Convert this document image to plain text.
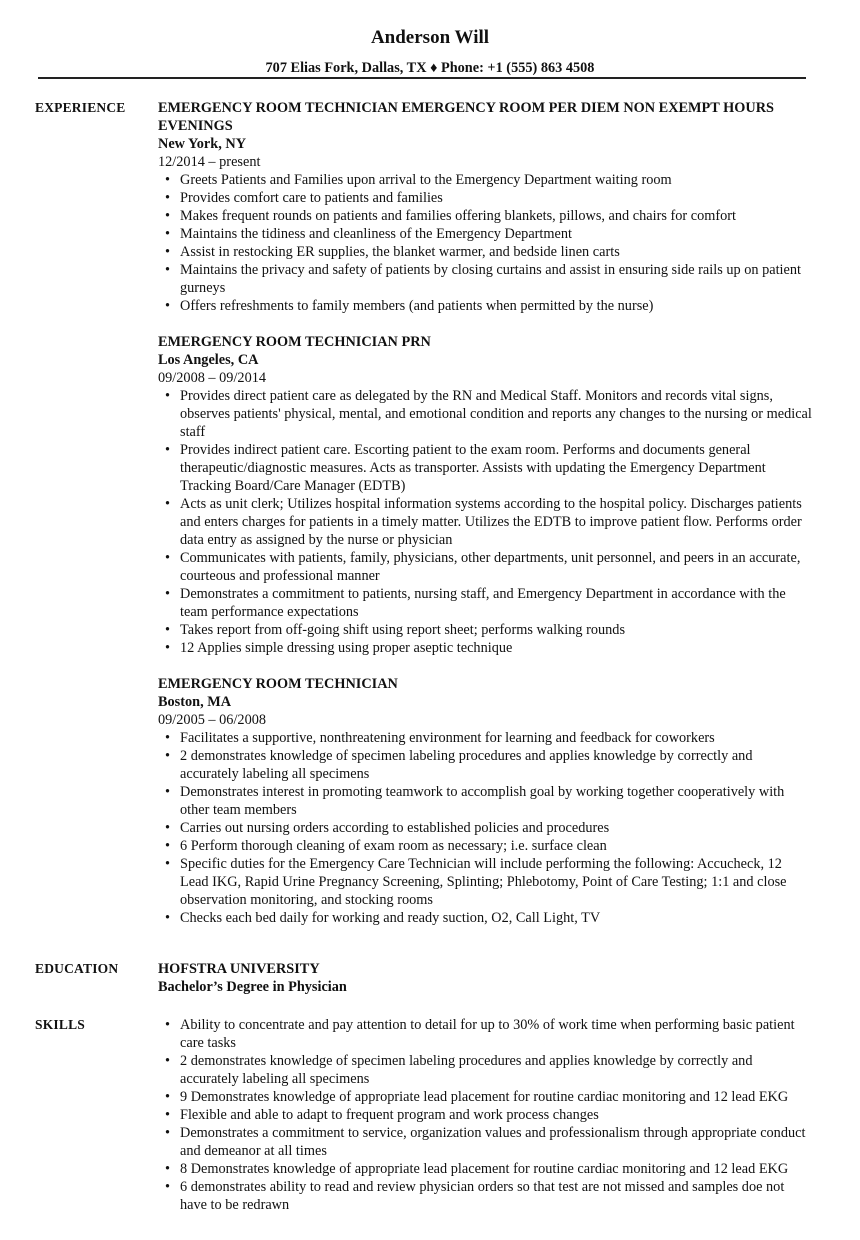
Anderson Will
707 Elias Fork, Dallas, TX ♦ Phone: +1 (555) 863 4508
EXPERIENCE EMERGENCY ROOM TECHNICIAN EMERGENCY ROOM PER DIEM NON EXEMPT HOURS EVENINGS

New York, NY

12/2014 – present

• Greets Patients and Families upon arrival to the Emergency Department waiting room
• Provides comfort care to patients and families
• Makes frequent rounds on patients and families offering blankets, pillows, and chairs for comfort
• Maintains the tidiness and cleanliness of the Emergency Department
• Assist in restocking ER supplies, the blanket warmer, and bedside linen carts
• Maintains the privacy and safety of patients by closing curtains and assist in ensuring side rails up on patient gurneys
• Offers refreshments to family members (and patients when permitted by the nurse)

EMERGENCY ROOM TECHNICIAN PRN

Los Angeles, CA

09/2008 – 09/2014

• Provides direct patient care as delegated by the RN and Medical Staff. Monitors and records vital signs, observes patients' physical, mental, and emotional condition and reports any changes to the nursing or medical staff
• Provides indirect patient care. Escorting patient to the exam room. Performs and documents general therapeutic/diagnostic measures. Acts as transporter. Assists with updating the Emergency Department Tracking Board/Care Manager (EDTB)
• Acts as unit clerk; Utilizes hospital information systems according to the hospital policy. Discharges patients and enters charges for patients in a timely matter. Utilizes the EDTB to improve patient flow. Performs order data entry as assigned by the nurse or physician
• Communicates with patients, family, physicians, other departments, unit personnel, and peers in an accurate, courteous and professional manner
• Demonstrates a commitment to patients, nursing staff, and Emergency Department in accordance with the team performance expectations
• Takes report from off-going shift using report sheet; performs walking rounds
• 12 Applies simple dressing using proper aseptic technique

EMERGENCY ROOM TECHNICIAN

Boston, MA

09/2005 – 06/2008

• Facilitates a supportive, nonthreatening environment for learning and feedback for coworkers
• 2 demonstrates knowledge of specimen labeling procedures and applies knowledge by correctly and accurately labeling all specimens
• Demonstrates interest in promoting teamwork to accomplish goal by working together cooperatively with other team members
• Carries out nursing orders according to established policies and procedures
• 6 Perform thorough cleaning of exam room as necessary; i.e. surface clean
• Specific duties for the Emergency Care Technician will include performing the following: Accucheck, 12 Lead IKG, Rapid Urine Pregnancy Screening, Splinting; Phlebotomy, Point of Care Testing; 1:1 and close observation monitoring, and stocking rooms
• Checks each bed daily for working and ready suction, O2, Call Light, TV
EDUCATION	HOFSTRA UNIVERSITY

Bachelor’s Degree in Physician

SKILLS	• Ability to concentrate and pay attention to detail for up to 30% of work time when performing basic patient care tasks
• 2 demonstrates knowledge of specimen labeling procedures and applies knowledge by correctly and accurately labeling all specimens
• 9 Demonstrates knowledge of appropriate lead placement for routine cardiac monitoring and 12 lead EKG
• Flexible and able to adapt to frequent program and work process changes
• Demonstrates a commitment to service, organization values and professionalism through appropriate conduct and demeanor at all times
• 8 Demonstrates knowledge of appropriate lead placement for routine cardiac monitoring and 12 lead EKG
• 6 demonstrates ability to read and review physician orders so that test are not missed and samples doe not have to be redrawn
